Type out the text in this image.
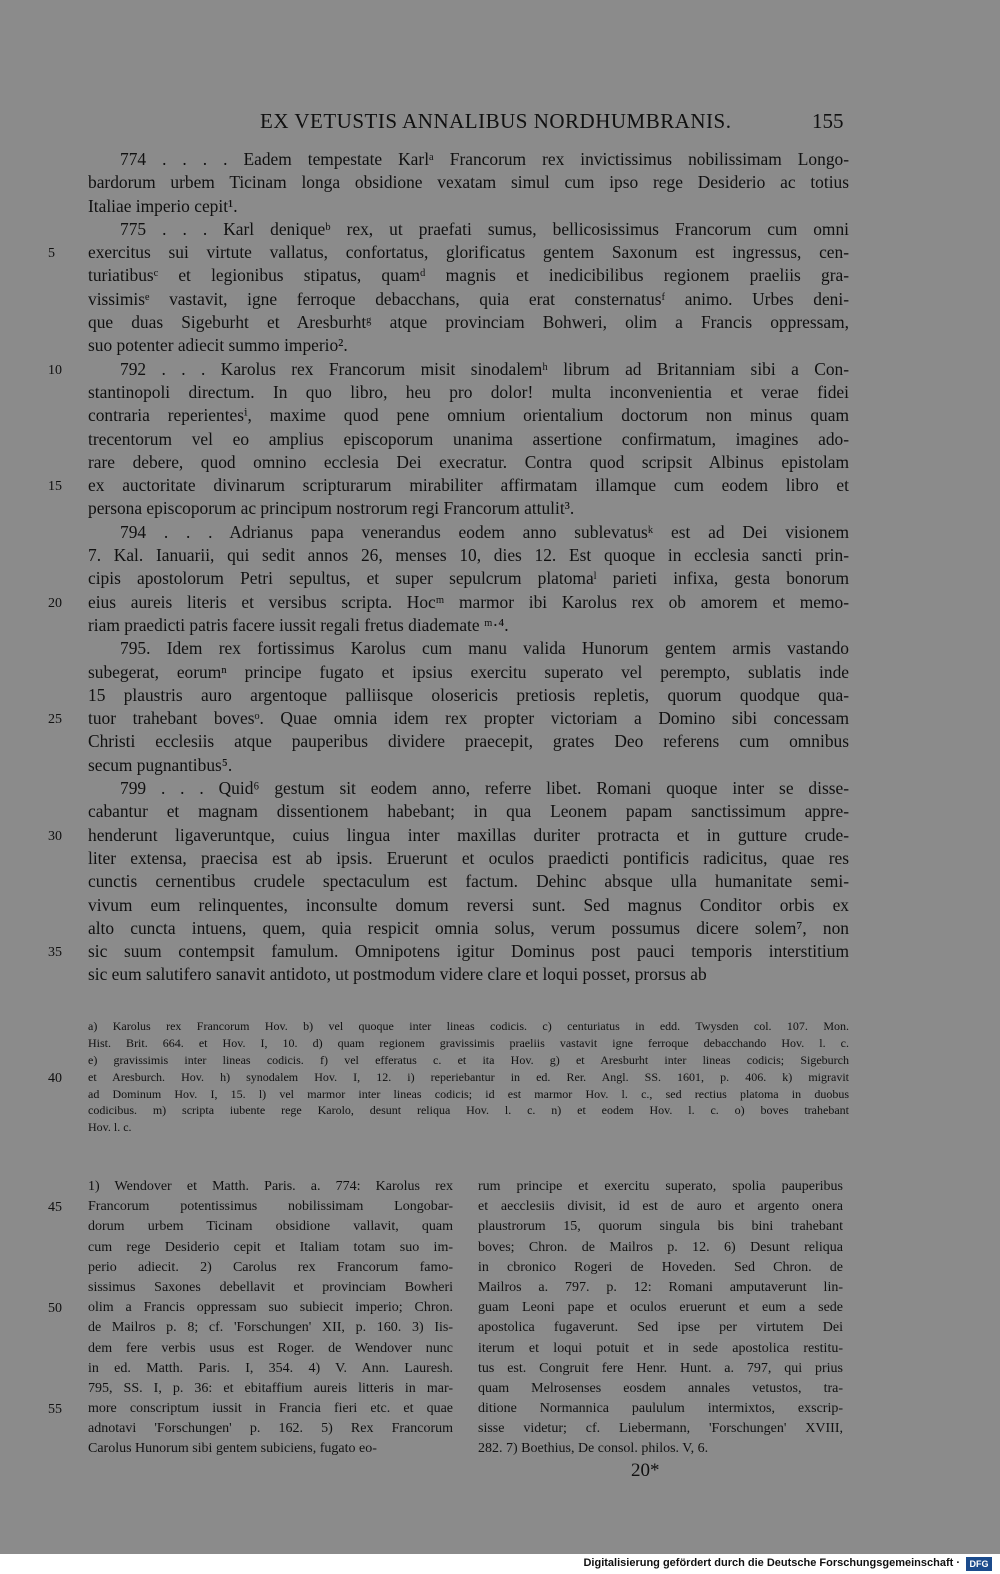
EX VETUSTIS ANNALIBUS NORDHUMBRANIS.	155
5
10
15
20
25
30
35
40
45
50
55
774 . . . . Eadem tempestate Karlᵃ Francorum rex invictissimus nobilissimam Longo-
bardorum urbem Ticinam longa obsidione vexatam simul cum ipso rege Desiderio ac totius
Italiae imperio cepit¹.
775 . . . Karl deniqueᵇ rex, ut praefati sumus, bellicosissimus Francorum cum omni
exercitus sui virtute vallatus, confortatus, glorificatus gentem Saxonum est ingressus, cen-
turiatibusᶜ et legionibus stipatus, quamᵈ magnis et inedicibilibus regionem praeliis gra-
vissimisᵉ vastavit, igne ferroque debacchans, quia erat consternatusᶠ animo. Urbes deni-
que duas Sigeburht et Aresburhtᵍ atque provinciam Bohweri, olim a Francis oppressam,
suo potenter adiecit summo imperio².
792 . . . Karolus rex Francorum misit sinodalemʰ librum ad Britanniam sibi a Con-
stantinopoli directum. In quo libro, heu pro dolor! multa inconvenientia et verae fidei
contraria reperientesⁱ, maxime quod pene omnium orientalium doctorum non minus quam
trecentorum vel eo amplius episcoporum unanima assertione confirmatum, imagines ado-
rare debere, quod omnino ecclesia Dei execratur. Contra quod scripsit Albinus epistolam
ex auctoritate divinarum scripturarum mirabiliter affirmatam illamque cum eodem libro et
persona episcoporum ac principum nostrorum regi Francorum attulit³.
794 . . . Adrianus papa venerandus eodem anno sublevatusᵏ est ad Dei visionem
7. Kal. Ianuarii, qui sedit annos 26, menses 10, dies 12. Est quoque in ecclesia sancti prin-
cipis apostolorum Petri sepultus, et super sepulcrum platomaˡ parieti infixa, gesta bonorum
eius aureis literis et versibus scripta. Hocᵐ marmor ibi Karolus rex ob amorem et memo-
riam praedicti patris facere iussit regali fretus diademate ᵐ·⁴.
795. Idem rex fortissimus Karolus cum manu valida Hunorum gentem armis vastando
subegerat, eorumⁿ principe fugato et ipsius exercitu superato vel perempto, sublatis inde
15 plaustris auro argentoque palliisque olosericis pretiosis repletis, quorum quodque qua-
tuor trahebant bovesᵒ. Quae omnia idem rex propter victoriam a Domino sibi concessam
Christi ecclesiis atque pauperibus dividere praecepit, grates Deo referens cum omnibus
secum pugnantibus⁵.
799 . . . Quid⁶ gestum sit eodem anno, referre libet. Romani quoque inter se disse-
cabantur et magnam dissentionem habebant; in qua Leonem papam sanctissimum appre-
henderunt ligaveruntque, cuius lingua inter maxillas duriter protracta et in gutture crude-
liter extensa, praecisa est ab ipsis. Eruerunt et oculos praedicti pontificis radicitus, quae res
cunctis cernentibus crudele spectaculum est factum. Dehinc absque ulla humanitate semi-
vivum eum relinquentes, inconsulte domum reversi sunt. Sed magnus Conditor orbis ex
alto cuncta intuens, quem, quia respicit omnia solus, verum possumus dicere solem⁷, non
sic suum contempsit famulum. Omnipotens igitur Dominus post pauci temporis interstitium
sic eum salutifero sanavit antidoto, ut postmodum videre clare et loqui posset, prorsus ab
a) Karolus rex Francorum Hov. b) vel quoque inter lineas codicis. c) centuriatus in edd. Twysden col. 107. Mon.
Hist. Brit. 664. et Hov. I, 10. d) quam regionem gravissimis praeliis vastavit igne ferroque debacchando Hov. l. c.
e) gravissimis inter lineas codicis. f) vel efferatus c. et ita Hov. g) et Aresburht inter lineas codicis; Sigeburch
et Aresburch. Hov. h) synodalem Hov. I, 12. i) reperiebantur in ed. Rer. Angl. SS. 1601, p. 406. k) migravit
ad Dominum Hov. I, 15. l) vel marmor inter lineas codicis; id est marmor Hov. l. c., sed rectius platoma in duobus
codicibus. m) scripta iubente rege Karolo, desunt reliqua Hov. l. c. n) et eodem Hov. l. c. o) boves trahebant
Hov. l. c.
1) Wendover et Matth. Paris. a. 774: Karolus rex
Francorum potentissimus nobilissimam Longobar-
dorum urbem Ticinam obsidione vallavit, quam
cum rege Desiderio cepit et Italiam totam suo im-
perio adiecit. 2) Carolus rex Francorum famo-
sissimus Saxones debellavit et provinciam Bowheri
olim a Francis oppressam suo subiecit imperio; Chron.
de Mailros p. 8; cf. 'Forschungen' XII, p. 160. 3) Iis-
dem fere verbis usus est Roger. de Wendover nunc
in ed. Matth. Paris. I, 354. 4) V. Ann. Lauresh.
795, SS. I, p. 36: et ebitaffium aureis litteris in mar-
more conscriptum iussit in Francia fieri etc. et quae
adnotavi 'Forschungen' p. 162. 5) Rex Francorum
Carolus Hunorum sibi gentem subiciens, fugato eo-
rum principe et exercitu superato, spolia pauperibus
et aecclesiis divisit, id est de auro et argento onera
plaustrorum 15, quorum singula bis bini trahebant
boves; Chron. de Mailros p. 12. 6) Desunt reliqua
in cbronico Rogeri de Hoveden. Sed Chron. de
Mailros a. 797. p. 12: Romani amputaverunt lin-
guam Leoni pape et oculos eruerunt et eum a sede
apostolica fugaverunt. Sed ipse per virtutem Dei
iterum et loqui potuit et in sede apostolica restitu-
tus est. Congruit fere Henr. Hunt. a. 797, qui prius
quam Melrosenses eosdem annales vetustos, tra-
ditione Normannica paululum intermixtos, exscrip-
sisse videtur; cf. Liebermann, 'Forschungen' XVIII,
282. 7) Boethius, De consol. philos. V, 6.
20*
Digitalisierung gefördert durch die Deutsche Forschungsgemeinschaft ·	DFG
